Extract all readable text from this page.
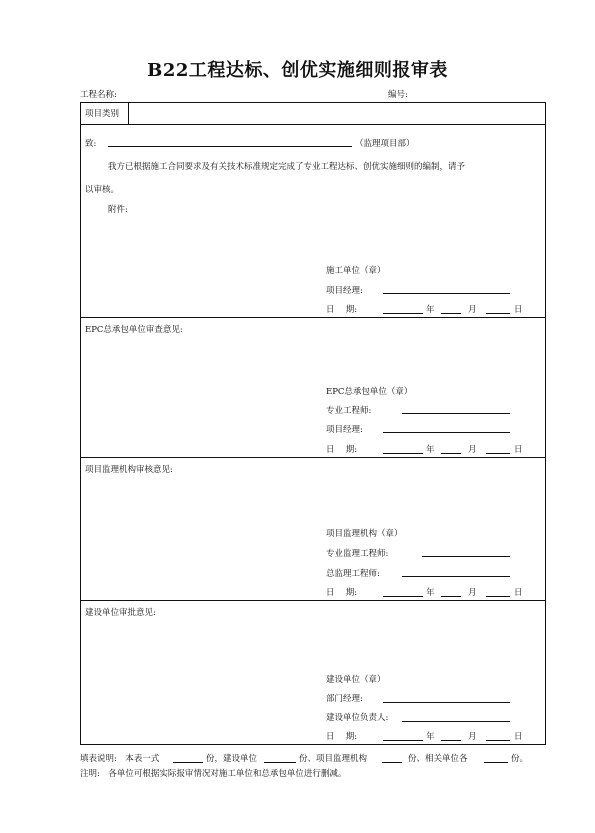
B22工程达标、创优实施细则报审表
工程名称:	编号:
项目类别
致:	（监理项目部）
我方已根据施工合同要求及有关技术标准规定完成了专业工程达标、创优实施细则的编制，请予
以审核。
附件:
施工单位（章）
项目经理:
日　 期:	年	月	日
EPC总承包单位审查意见:
EPC总承包单位（章）
专业工程师:
项目经理:
日　 期:	年	月	日
项目监理机构审核意见:
项目监理机构（章）
专业监理工程师:
总监理工程师:
日　 期:	年	月	日
建设单位审批意见:
建设单位（章）
部门经理:
建设单位负责人:
日　 期:	年	月	日
填表说明:　本表一式	份，建设单位	份、项目监理机构	份、相关单位各	份。
注明:　各单位可根据实际报审情况对施工单位和总承包单位进行删减。
